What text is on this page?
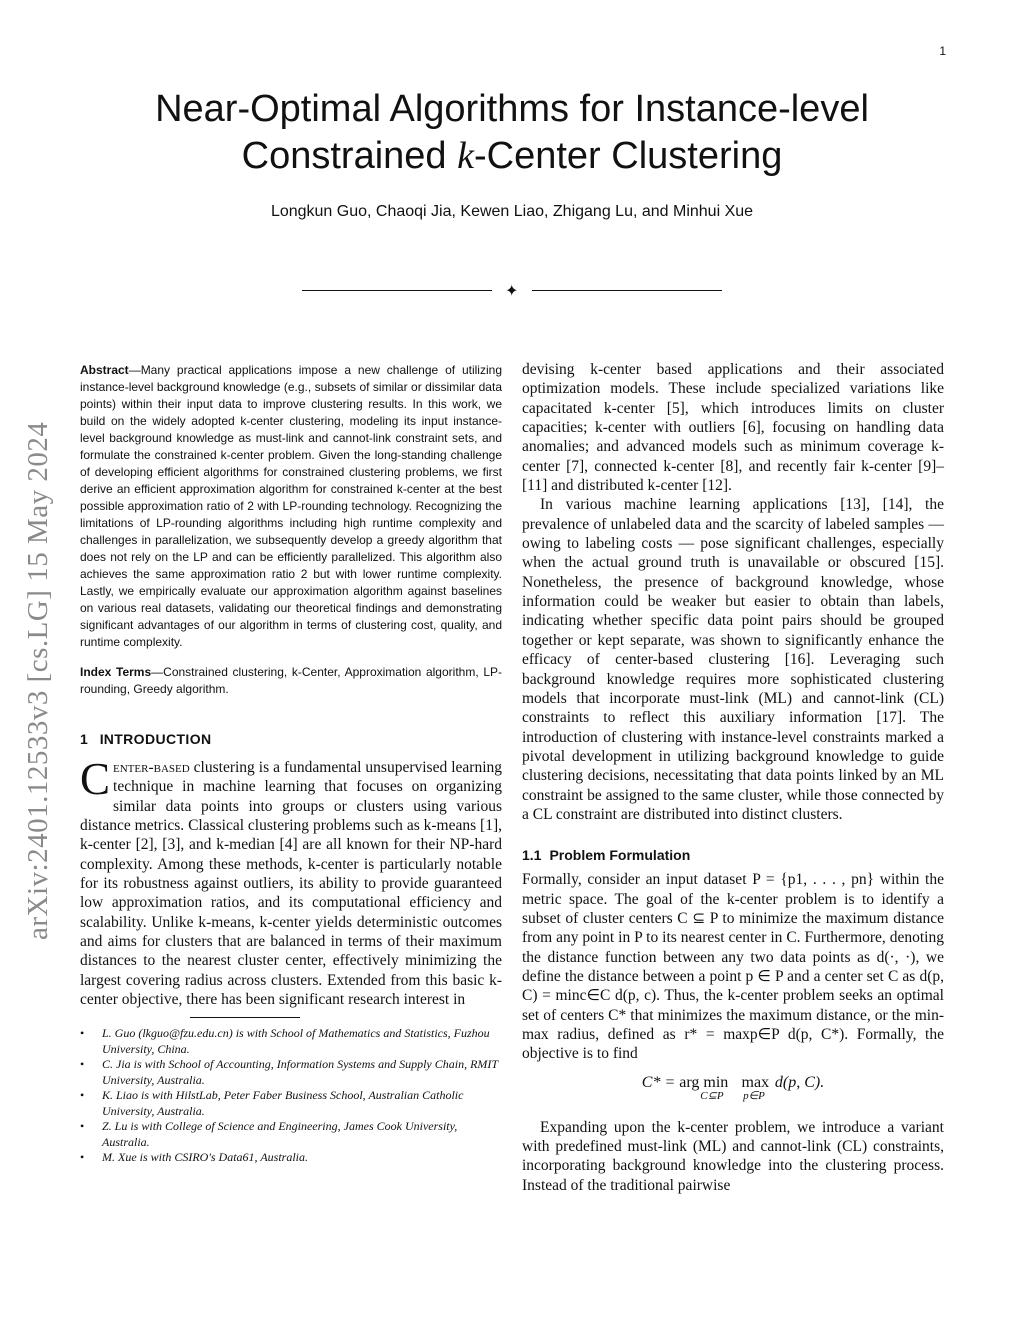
1
arXiv:2401.12533v3 [cs.LG] 15 May 2024
Near-Optimal Algorithms for Instance-level
Constrained k-Center Clustering
Longkun Guo, Chaoqi Jia, Kewen Liao, Zhigang Lu, and Minhui Xue
✦

Abstract—Many practical applications impose a new challenge of utilizing instance-level background knowledge (e.g., subsets of similar or dissimilar data points) within their input data to improve clustering results. In this work, we build on the widely adopted k-center clustering, modeling its input instance-level background knowledge as must-link and cannot-link constraint sets, and formulate the constrained k-center problem. Given the long-standing challenge of developing efficient algorithms for constrained clustering problems, we first derive an efficient approximation algorithm for constrained k-center at the best possible approximation ratio of 2 with LP-rounding technology. Recognizing the limitations of LP-rounding algorithms including high runtime complexity and challenges in parallelization, we subsequently develop a greedy algorithm that does not rely on the LP and can be efficiently parallelized. This algorithm also achieves the same approximation ratio 2 but with lower runtime complexity. Lastly, we empirically evaluate our approximation algorithm against baselines on various real datasets, validating our theoretical findings and demonstrating significant advantages of our algorithm in terms of clustering cost, quality, and runtime complexity.

Index Terms—Constrained clustering, k-Center, Approximation algorithm, LP-rounding, Greedy algorithm.

1 INTRODUCTION

Center-based clustering is a fundamental unsupervised learning technique in machine learning that focuses on organizing similar data points into groups or clusters using various distance metrics. Classical clustering problems such as k-means [1], k-center [2], [3], and k-median [4] are all known for their NP-hard complexity. Among these methods, k-center is particularly notable for its robustness against outliers, its ability to provide guaranteed low approximation ratios, and its computational efficiency and scalability. Unlike k-means, k-center yields deterministic outcomes and aims for clusters that are balanced in terms of their maximum distances to the nearest cluster center, effectively minimizing the largest covering radius across clusters. Extended from this basic k-center objective, there has been significant research interest in

• L. Guo (lkguo@fzu.edu.cn) is with School of Mathematics and Statistics, Fuzhou University, China.
• C. Jia is with School of Accounting, Information Systems and Supply Chain, RMIT University, Australia.
• K. Liao is with HilstLab, Peter Faber Business School, Australian Catholic University, Australia.
• Z. Lu is with College of Science and Engineering, James Cook University, Australia.
• M. Xue is with CSIRO's Data61, Australia.

devising k-center based applications and their associated optimization models. These include specialized variations like capacitated k-center [5], which introduces limits on cluster capacities; k-center with outliers [6], focusing on handling data anomalies; and advanced models such as minimum coverage k-center [7], connected k-center [8], and recently fair k-center [9]–[11] and distributed k-center [12].

In various machine learning applications [13], [14], the prevalence of unlabeled data and the scarcity of labeled samples — owing to labeling costs — pose significant challenges, especially when the actual ground truth is unavailable or obscured [15]. Nonetheless, the presence of background knowledge, whose information could be weaker but easier to obtain than labels, indicating whether specific data point pairs should be grouped together or kept separate, was shown to significantly enhance the efficacy of center-based clustering [16]. Leveraging such background knowledge requires more sophisticated clustering models that incorporate must-link (ML) and cannot-link (CL) constraints to reflect this auxiliary information [17]. The introduction of clustering with instance-level constraints marked a pivotal development in utilizing background knowledge to guide clustering decisions, necessitating that data points linked by an ML constraint be assigned to the same cluster, while those connected by a CL constraint are distributed into distinct clusters.

1.1 Problem Formulation

Formally, consider an input dataset P = {p1, . . . , pn} within the metric space. The goal of the k-center problem is to identify a subset of cluster centers C ⊆ P to minimize the maximum distance from any point in P to its nearest center in C. Furthermore, denoting the distance function between any two data points as d(·, ·), we define the distance between a point p ∈ P and a center set C as d(p, C) = minc∈C d(p, c). Thus, the k-center problem seeks an optimal set of centers C* that minimizes the maximum distance, or the min-max radius, defined as r* = maxp∈P d(p, C*). Formally, the objective is to find

C* = arg $\min_{C⊆P} \max_{p\in P} d(p$, C).

Expanding upon the k-center problem, we introduce a variant with predefined must-link (ML) and cannot-link (CL) constraints, incorporating background knowledge into the clustering process. Instead of the traditional pairwise
